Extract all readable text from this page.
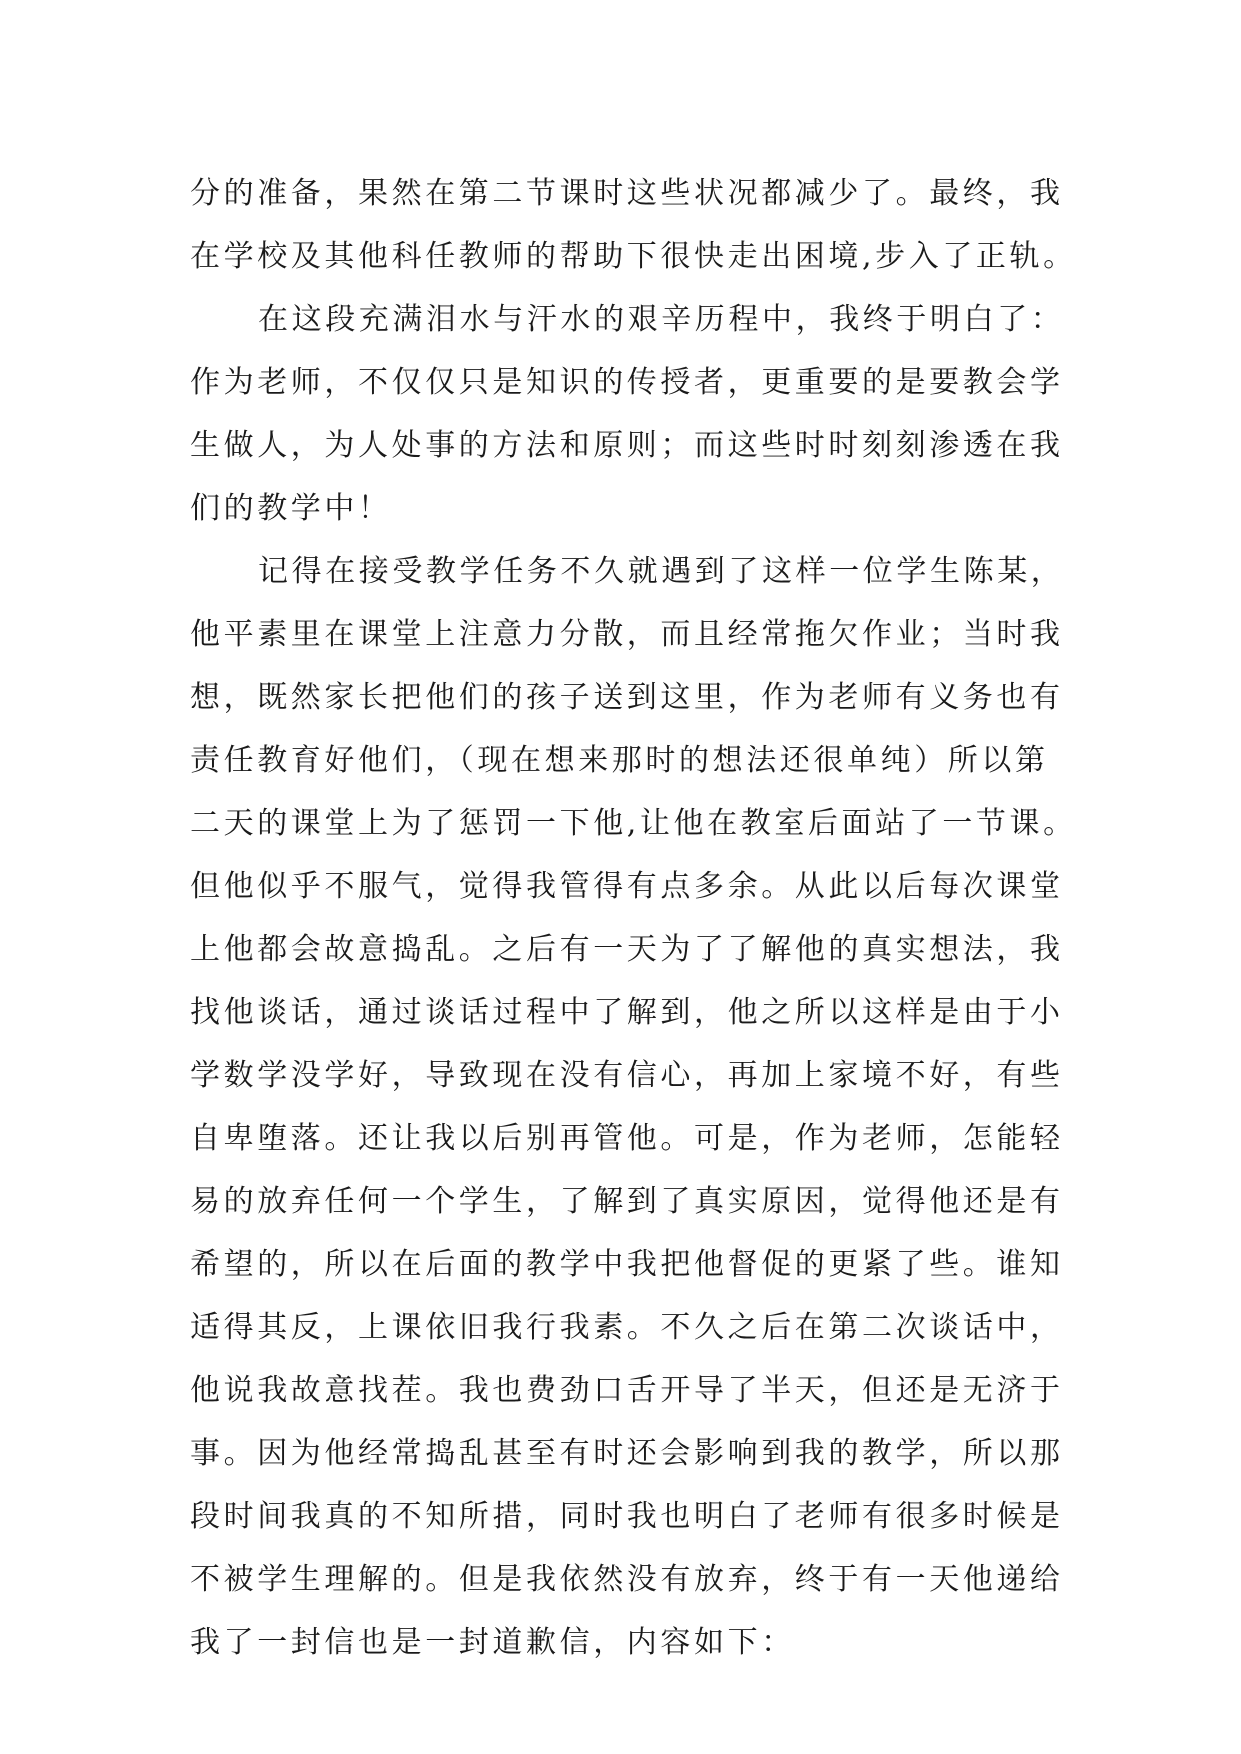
分的准备，果然在第二节课时这些状况都减少了。最终，我
在学校及其他科任教师的帮助下很快走出困境,步入了正轨。
在这段充满泪水与汗水的艰辛历程中，我终于明白了：
作为老师，不仅仅只是知识的传授者，更重要的是要教会学
生做人，为人处事的方法和原则；而这些时时刻刻渗透在我
们的教学中！
记得在接受教学任务不久就遇到了这样一位学生陈某，
他平素里在课堂上注意力分散，而且经常拖欠作业；当时我
想，既然家长把他们的孩子送到这里，作为老师有义务也有
责任教育好他们，（现在想来那时的想法还很单纯）所以第
二天的课堂上为了惩罚一下他,让他在教室后面站了一节课。
但他似乎不服气，觉得我管得有点多余。从此以后每次课堂
上他都会故意捣乱。之后有一天为了了解他的真实想法，我
找他谈话，通过谈话过程中了解到，他之所以这样是由于小
学数学没学好，导致现在没有信心，再加上家境不好，有些
自卑堕落。还让我以后别再管他。可是，作为老师，怎能轻
易的放弃任何一个学生，了解到了真实原因，觉得他还是有
希望的，所以在后面的教学中我把他督促的更紧了些。谁知
适得其反，上课依旧我行我素。不久之后在第二次谈话中，
他说我故意找茬。我也费劲口舌开导了半天，但还是无济于
事。因为他经常捣乱甚至有时还会影响到我的教学，所以那
段时间我真的不知所措，同时我也明白了老师有很多时候是
不被学生理解的。但是我依然没有放弃，终于有一天他递给
我了一封信也是一封道歉信，内容如下：
